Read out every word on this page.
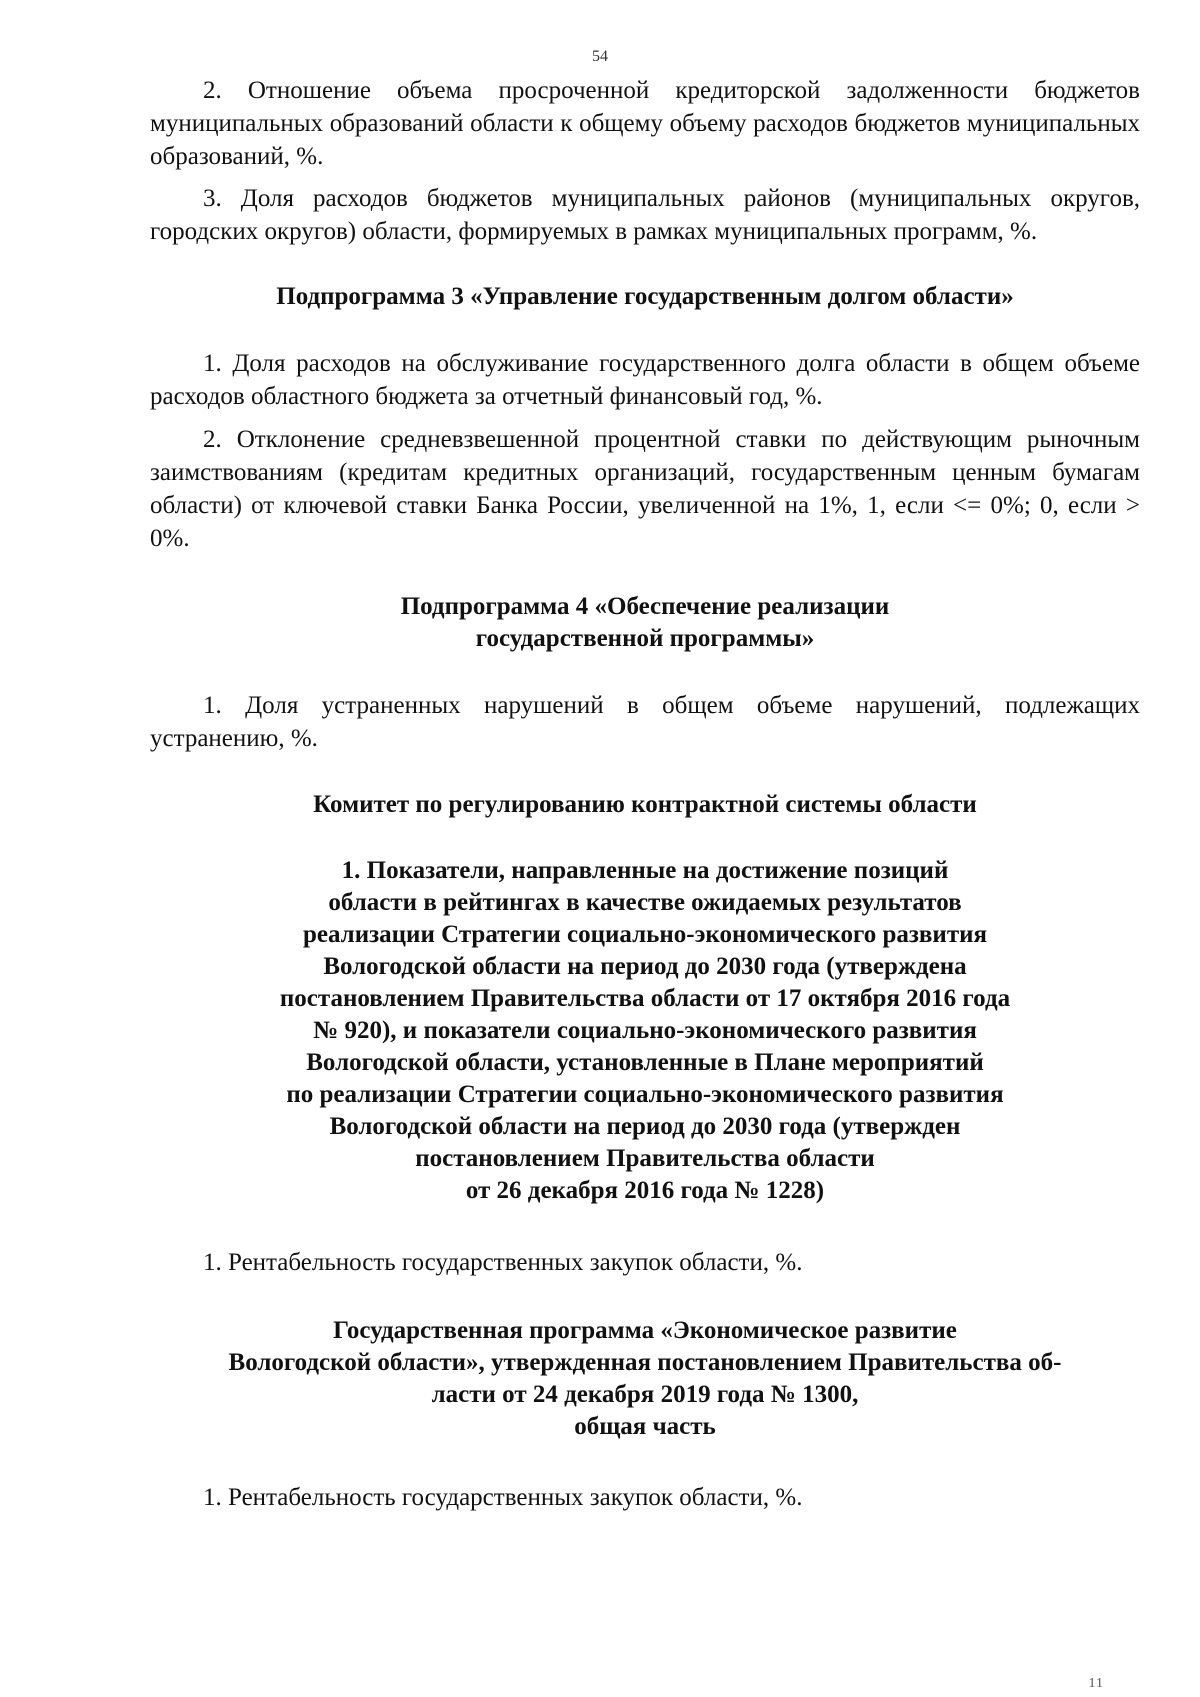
54

2. Отношение объема просроченной кредиторской задолженности бюджетов муниципальных образований области к общему объему расходов бюджетов муниципальных образований, %.

3. Доля расходов бюджетов муниципальных районов (муниципальных округов, городских округов) области, формируемых в рамках муниципальных программ, %.

Подпрограмма 3 «Управление государственным долгом области»

1. Доля расходов на обслуживание государственного долга области в общем объеме расходов областного бюджета за отчетный финансовый год, %.

2. Отклонение средневзвешенной процентной ставки по действующим рыночным заимствованиям (кредитам кредитных организаций, государственным ценным бумагам области) от ключевой ставки Банка России, увеличенной на 1%, 1, если <= 0%; 0, если > 0%.

Подпрограмма 4 «Обеспечение реализации
государственной программы»

1. Доля устраненных нарушений в общем объеме нарушений, подлежащих устранению, %.

Комитет по регулированию контрактной системы области
1. Показатели, направленные на достижение позиций
области в рейтингах в качестве ожидаемых результатов
реализации Стратегии социально-экономического развития
Вологодской области на период до 2030 года (утверждена
постановлением Правительства области от 17 октября 2016 года
№ 920), и показатели социально-экономического развития
Вологодской области, установленные в Плане мероприятий
по реализации Стратегии социально-экономического развития
Вологодской области на период до 2030 года (утвержден
постановлением Правительства области
от 26 декабря 2016 года № 1228)

1. Рентабельность государственных закупок области, %.

Государственная программа «Экономическое развитие
Вологодской области», утвержденная постановлением Правительства об-
ласти от 24 декабря 2019 года № 1300,
общая часть

1. Рентабельность государственных закупок области, %.

11
